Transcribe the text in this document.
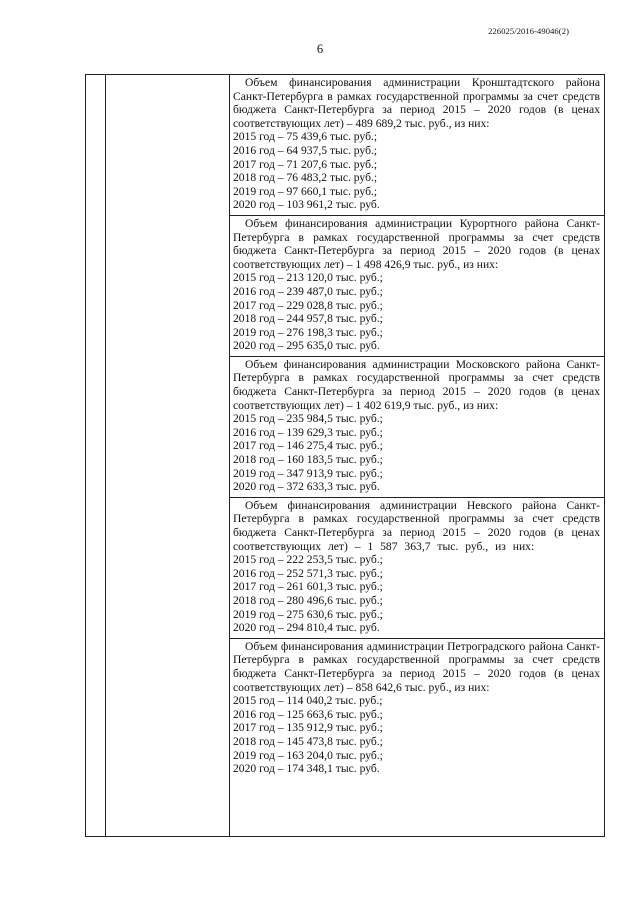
226025/2016-49046(2)
6

Объем финансирования администрации Кронштадтского района Санкт-Петербурга в рамках государственной программы за счет средств бюджета Санкт-Петербурга за период 2015 – 2020 годов (в ценах соответствующих лет) – 489 689,2 тыс. руб., из них:

2015 год – 75 439,6 тыс. руб.;

2016 год – 64 937,5 тыс. руб.;

2017 год – 71 207,6 тыс. руб.;

2018 год – 76 483,2 тыс. руб.;

2019 год – 97 660,1 тыс. руб.;

2020 год – 103 961,2 тыс. руб.

Объем финансирования администрации Курортного района Санкт-Петербурга в рамках государственной программы за счет средств бюджета Санкт-Петербурга за период 2015 – 2020 годов (в ценах соответствующих лет) – 1 498 426,9 тыс. руб., из них:

2015 год – 213 120,0 тыс. руб.;

2016 год – 239 487,0 тыс. руб.;

2017 год – 229 028,8 тыс. руб.;

2018 год – 244 957,8 тыс. руб.;

2019 год – 276 198,3 тыс. руб.;

2020 год – 295 635,0 тыс. руб.

Объем финансирования администрации Московского района Санкт-Петербурга в рамках государственной программы за счет средств бюджета Санкт-Петербурга за период 2015 – 2020 годов (в ценах соответствующих лет) – 1 402 619,9 тыс. руб., из них:

2015 год – 235 984,5 тыс. руб.;

2016 год – 139 629,3 тыс. руб.;

2017 год – 146 275,4 тыс. руб.;

2018 год – 160 183,5 тыс. руб.;

2019 год – 347 913,9 тыс. руб.;

2020 год – 372 633,3 тыс. руб.

Объем финансирования администрации Невского района Санкт-Петербурга в рамках государственной программы за счет средств бюджета Санкт-Петербурга за период 2015 – 2020 годов (в ценах соответствующих лет) – 1 587 363,7 тыс. руб., из них:

2015 год – 222 253,5 тыс. руб.;

2016 год – 252 571,3 тыс. руб.;

2017 год – 261 601,3 тыс. руб.;

2018 год – 280 496,6 тыс. руб.;

2019 год – 275 630,6 тыс. руб.;

2020 год – 294 810,4 тыс. руб.

Объем финансирования администрации Петроградского района Санкт-Петербурга в рамках государственной программы за счет средств бюджета Санкт-Петербурга за период 2015 – 2020 годов (в ценах соответствующих лет) – 858 642,6 тыс. руб., из них:

2015 год – 114 040,2 тыс. руб.;

2016 год – 125 663,6 тыс. руб.;

2017 год – 135 912,9 тыс. руб.;

2018 год – 145 473,8 тыс. руб.;

2019 год – 163 204,0 тыс. руб.;

2020 год – 174 348,1 тыс. руб.
